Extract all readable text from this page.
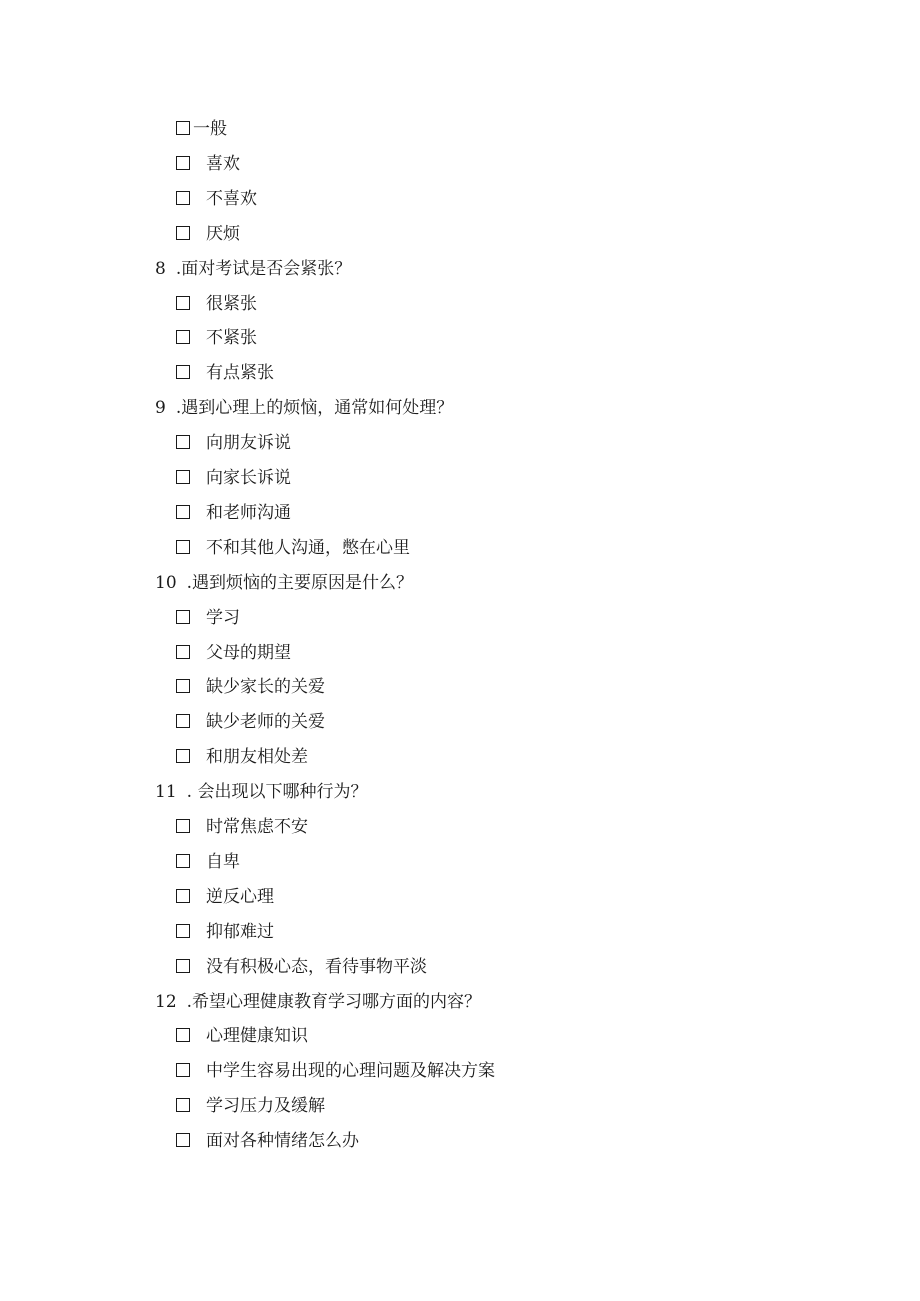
一般
喜欢
不喜欢
厌烦
8 .面对考试是否会紧张？
很紧张
不紧张
有点紧张
9 .遇到心理上的烦恼，通常如何处理？
向朋友诉说
向家长诉说
和老师沟通
不和其他人沟通，憋在心里
10 .遇到烦恼的主要原因是什么？
学习
父母的期望
缺少家长的关爱
缺少老师的关爱
和朋友相处差
11 . 会出现以下哪种行为？
时常焦虑不安
自卑
逆反心理
抑郁难过
没有积极心态，看待事物平淡
12 .希望心理健康教育学习哪方面的内容？
心理健康知识
中学生容易出现的心理问题及解决方案
学习压力及缓解
面对各种情绪怎么办
